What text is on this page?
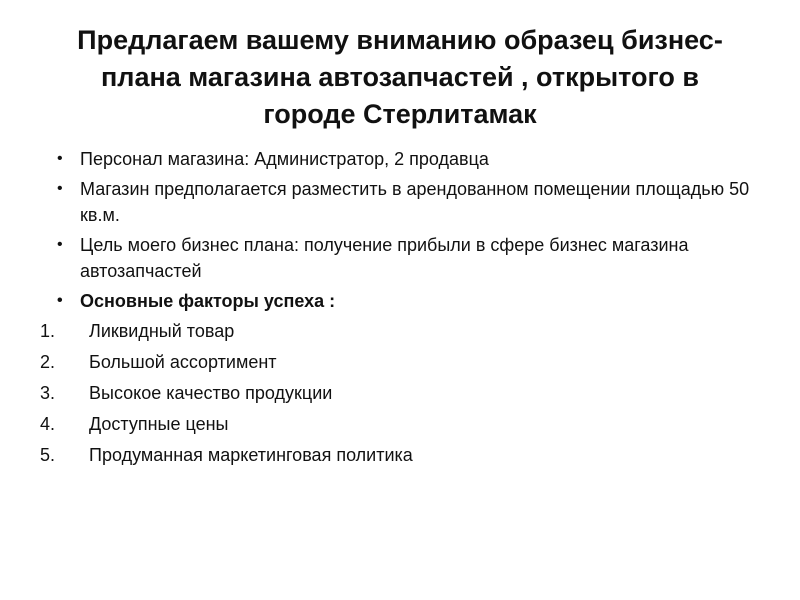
Предлагаем вашему вниманию образец бизнес-плана магазина автозапчастей , открытого в городе Стерлитамак
• Персонал магазина: Администратор, 2 продавца
• Магазин предполагается разместить в арендованном помещении площадью 50 кв.м.
• Цель моего бизнес плана: получение прибыли в сфере бизнес магазина автозапчастей
• Основные факторы успеха :
1. Ликвидный товар
2. Большой ассортимент
3. Высокое качество продукции
4. Доступные цены
5. Продуманная маркетинговая политика
